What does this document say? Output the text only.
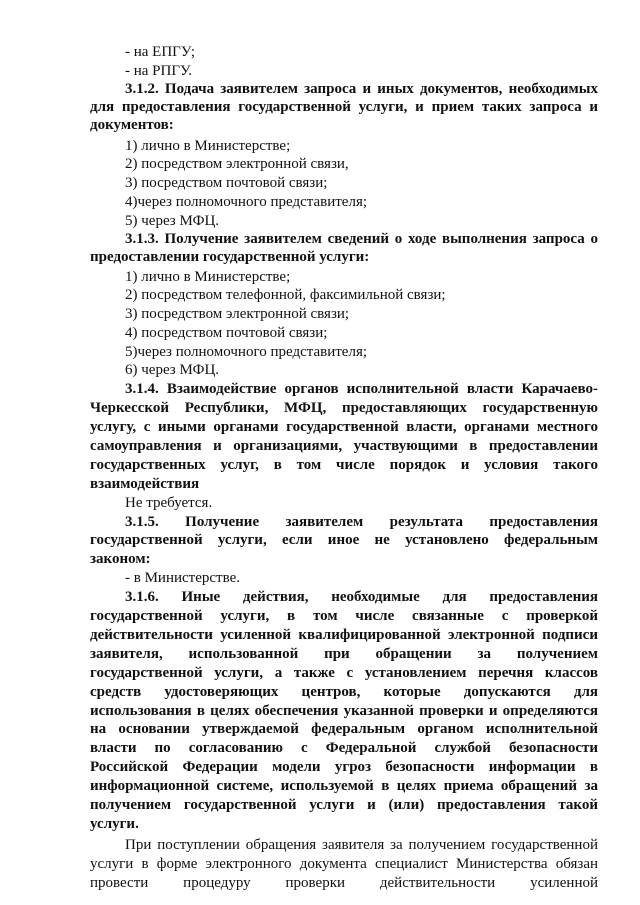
- на ЕПГУ;
- на РПГУ.
3.1.2. Подача заявителем запроса и иных документов, необходимых
для предоставления государственной услуги, и прием таких запроса и
документов:
1) лично в Министерстве;
2) посредством электронной связи,
3) посредством почтовой связи;
4)через полномочного представителя;
5) через МФЦ.
3.1.3. Получение заявителем сведений о ходе выполнения запроса о
предоставлении государственной услуги:
1) лично в Министерстве;
2) посредством телефонной, факсимильной связи;
3) посредством электронной связи;
4) посредством почтовой связи;
5)через полномочного представителя;
6) через МФЦ.
3.1.4. Взаимодействие органов исполнительной власти Карачаево-
Черкесской Республики, МФЦ, предоставляющих государственную
услугу, с иными органами государственной власти, органами местного
самоуправления и организациями, участвующими в предоставлении
государственных услуг, в том числе порядок и условия такого
взаимодействия
Не требуется.
3.1.5. Получение заявителем результата предоставления
государственной услуги, если иное не установлено федеральным
законом:
- в Министерстве.
3.1.6. Иные действия, необходимые для предоставления
государственной услуги, в том числе связанные с проверкой
действительности усиленной квалифицированной электронной подписи
заявителя, использованной при обращении за получением
государственной услуги, а также с установлением перечня классов
средств удостоверяющих центров, которые допускаются для
использования в целях обеспечения указанной проверки и определяются
на основании утверждаемой федеральным органом исполнительной
власти по согласованию с Федеральной службой безопасности
Российской Федерации модели угроз безопасности информации в
информационной системе, используемой в целях приема обращений за
получением государственной услуги и (или) предоставления такой
услуги.
При поступлении обращения заявителя за получением государственной
услуги в форме электронного документа специалист Министерства обязан
провести процедуру проверки действительности усиленной
